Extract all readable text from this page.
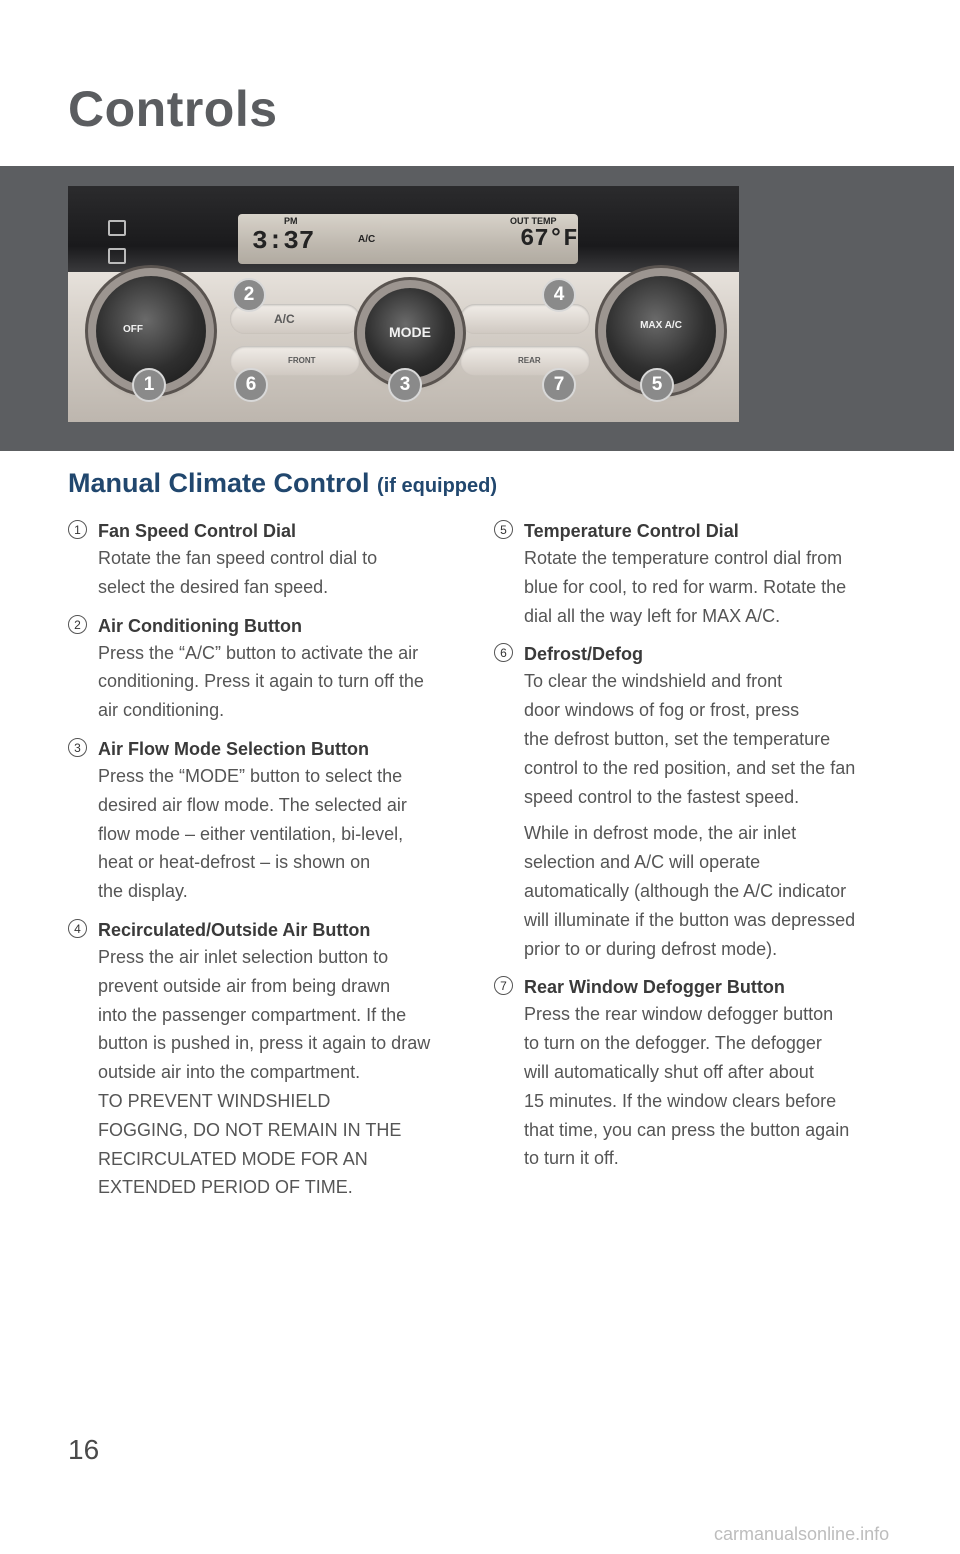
Controls
PM
3:37	A/C
OUT TEMP
67°F
A/C
FRONT	REAR
OFF	MODE	MAX A/C
2	4
1	6	3	7	5
Manual Climate Control (if equipped)
1 Fan Speed Control Dial
Rotate the fan speed control dial to
select the desired fan speed.
2 Air Conditioning Button
Press the “A/C” button to activate the air
conditioning. Press it again to turn off the
air conditioning.
3 Air Flow Mode Selection Button
Press the “MODE” button to select the
desired air flow mode. The selected air
flow mode – either ventilation, bi-level,
heat or heat-defrost – is shown on
the display.
4 Recirculated/Outside Air Button
Press the air inlet selection button to
prevent outside air from being drawn
into the passenger compartment. If the
button is pushed in, press it again to draw
outside air into the compartment.
TO PREVENT WINDSHIELD
FOGGING, DO NOT REMAIN IN THE
RECIRCULATED MODE FOR AN
EXTENDED PERIOD OF TIME.
5 Temperature Control Dial
Rotate the temperature control dial from
blue for cool, to red for warm. Rotate the
dial all the way left for MAX A/C.
6 Defrost/Defog
To clear the windshield and front
door windows of fog or frost, press
the defrost button, set the temperature
control to the red position, and set the fan
speed control to the fastest speed.
While in defrost mode, the air inlet
selection and A/C will operate
automatically (although the A/C indicator
will illuminate if the button was depressed
prior to or during defrost mode).
7 Rear Window Defogger Button
Press the rear window defogger button
to turn on the defogger. The defogger
will automatically shut off after about
15 minutes. If the window clears before
that time, you can press the button again
to turn it off.
16
carmanualsonline.info
